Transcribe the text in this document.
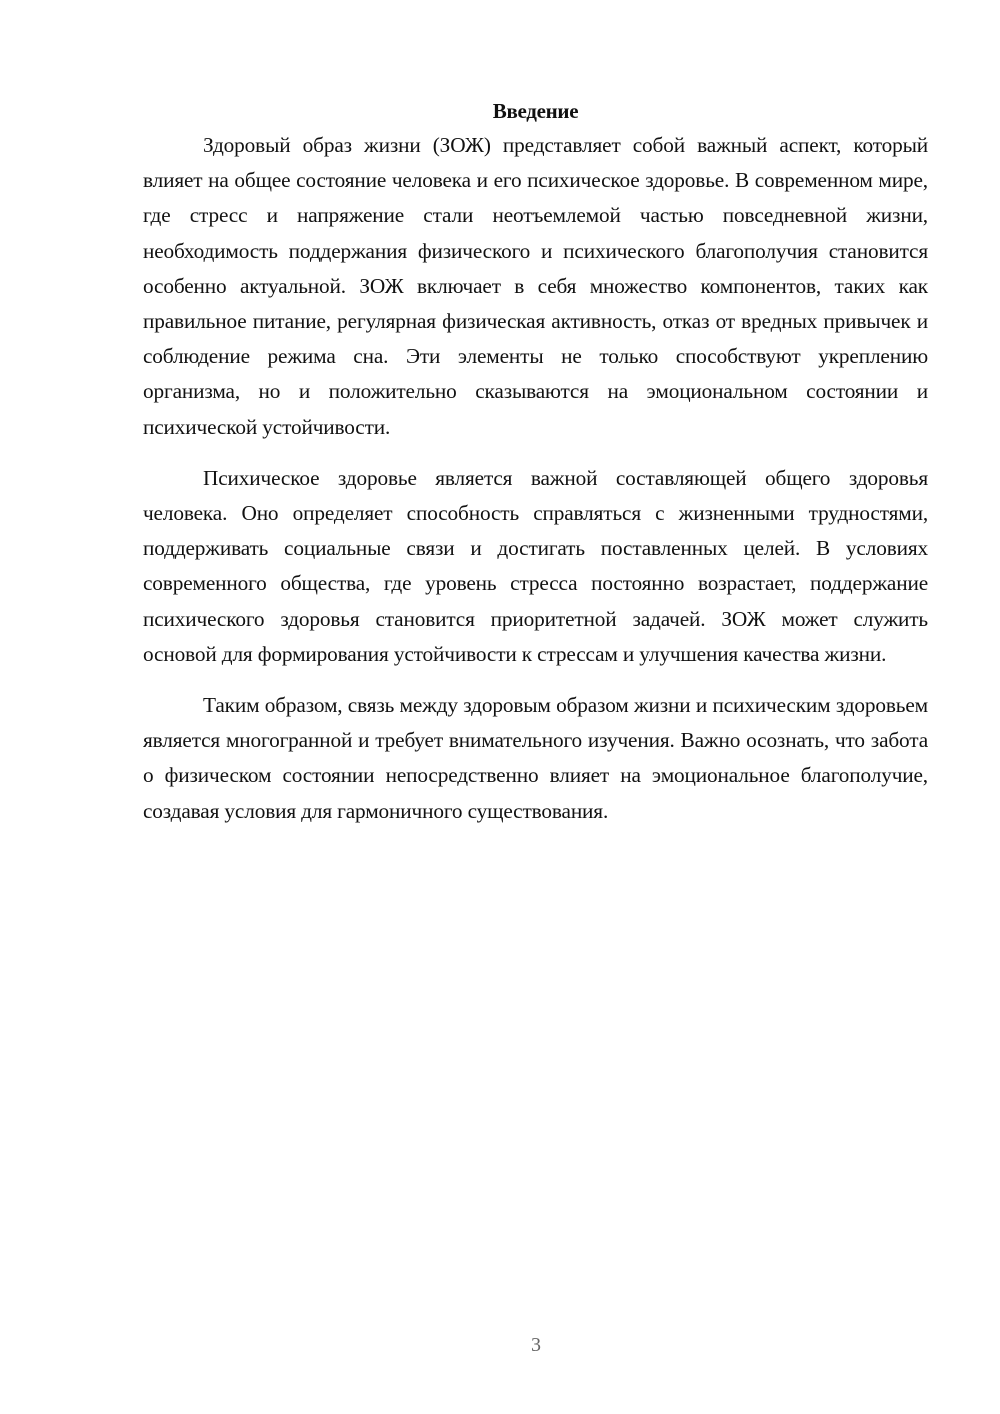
Введение

Здоровый образ жизни (ЗОЖ) представляет собой важный аспект, который влияет на общее состояние человека и его психическое здоровье. В современном мире, где стресс и напряжение стали неотъемлемой частью повседневной жизни, необходимость поддержания физического и психического благополучия становится особенно актуальной. ЗОЖ включает в себя множество компонентов, таких как правильное питание, регулярная физическая активность, отказ от вредных привычек и соблюдение режима сна. Эти элементы не только способствуют укреплению организма, но и положительно сказываются на эмоциональном состоянии и психической устойчивости.

Психическое здоровье является важной составляющей общего здоровья человека. Оно определяет способность справляться с жизненными трудностями, поддерживать социальные связи и достигать поставленных целей. В условиях современного общества, где уровень стресса постоянно возрастает, поддержание психического здоровья становится приоритетной задачей. ЗОЖ может служить основой для формирования устойчивости к стрессам и улучшения качества жизни.

Таким образом, связь между здоровым образом жизни и психическим здоровьем является многогранной и требует внимательного изучения. Важно осознать, что забота о физическом состоянии непосредственно влияет на эмоциональное благополучие, создавая условия для гармоничного существования.

3
